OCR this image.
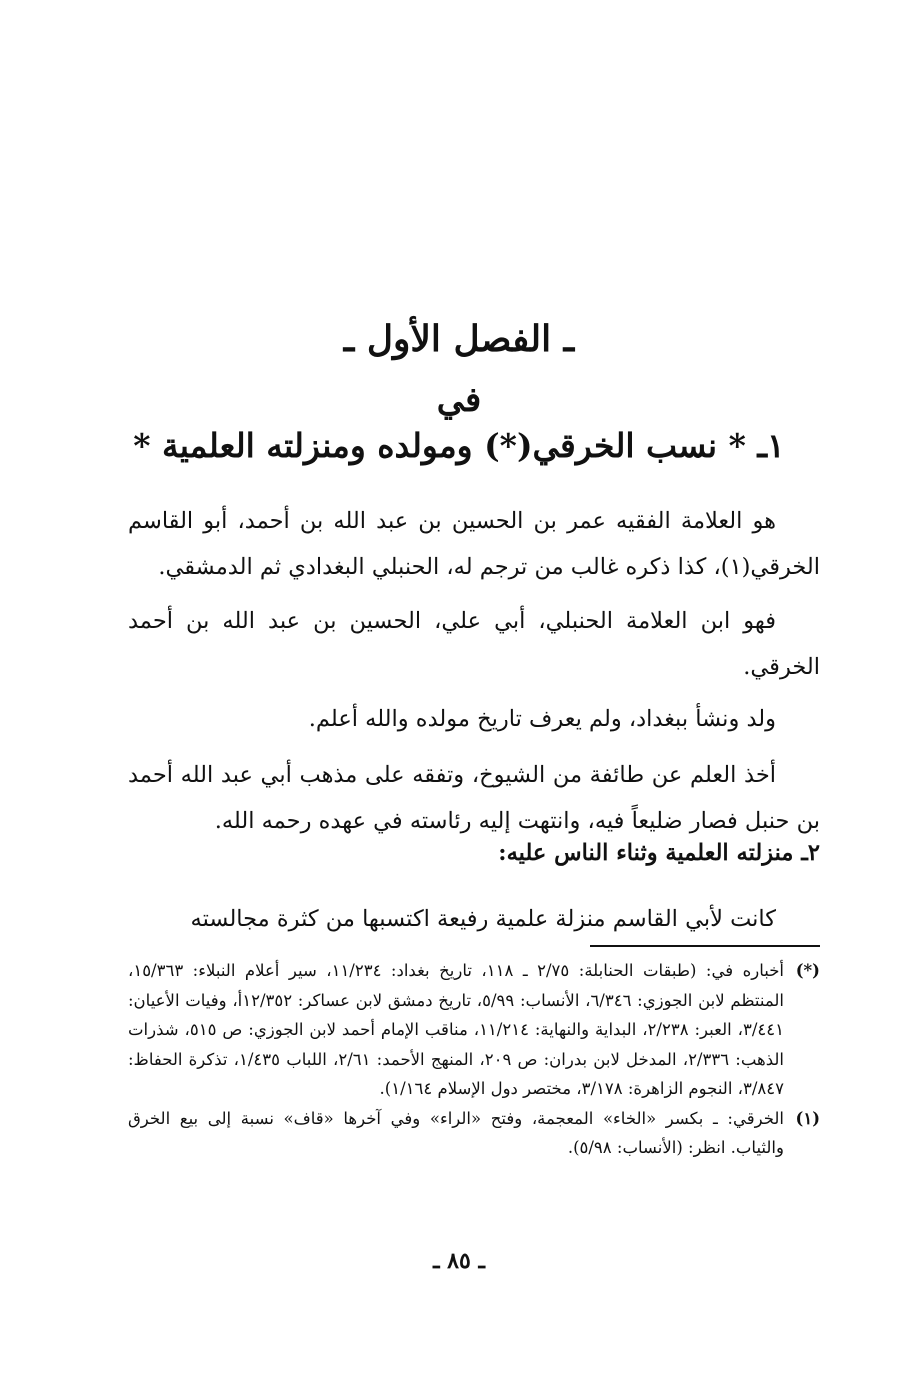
ـ الفصل الأول ـ
في
١ـ * نسب الخرقي(*) ومولده ومنزلته العلمية *

هو العلامة الفقيه عمر بن الحسين بن عبد الله بن أحمد، أبو القاسم الخرقي(١)، كذا ذكره غالب من ترجم له، الحنبلي البغدادي ثم الدمشقي.

فهو ابن العلامة الحنبلي، أبي علي، الحسين بن عبد الله بن أحمد الخرقي.

ولد ونشأ ببغداد، ولم يعرف تاريخ مولده والله أعلم.

أخذ العلم عن طائفة من الشيوخ، وتفقه على مذهب أبي عبد الله أحمد بن حنبل فصار ضليعاً فيه، وانتهت إليه رئاسته في عهده رحمه الله.

٢ـ منزلته العلمية وثناء الناس عليه:

كانت لأبي القاسم منزلة علمية رفيعة اكتسبها من كثرة مجالسته

(*)
أخباره في: (طبقات الحنابلة: ٢/٧٥ ـ ١١٨، تاريخ بغداد: ١١/٢٣٤، سير أعلام النبلاء: ١٥/٣٦٣، المنتظم لابن الجوزي: ٦/٣٤٦، الأنساب: ٥/٩٩، تاريخ دمشق لابن عساكر: ١٢/٣٥٢أ، وفيات الأعيان: ٣/٤٤١، العبر: ٢/٢٣٨، البداية والنهاية: ١١/٢١٤، مناقب الإمام أحمد لابن الجوزي: ص ٥١٥، شذرات الذهب: ٢/٣٣٦، المدخل لابن بدران: ص ٢٠٩، المنهج الأحمد: ٢/٦١، اللباب ١/٤٣٥، تذكرة الحفاظ: ٣/٨٤٧، النجوم الزاهرة: ٣/١٧٨، مختصر دول الإسلام ١/١٦٤).

(١)
الخرقي: ـ بكسر «الخاء» المعجمة، وفتح «الراء» وفي آخرها «قاف» نسبة إلى بيع الخرق والثياب. انظر: (الأنساب: ٥/٩٨).

ـ ٨٥ ـ
